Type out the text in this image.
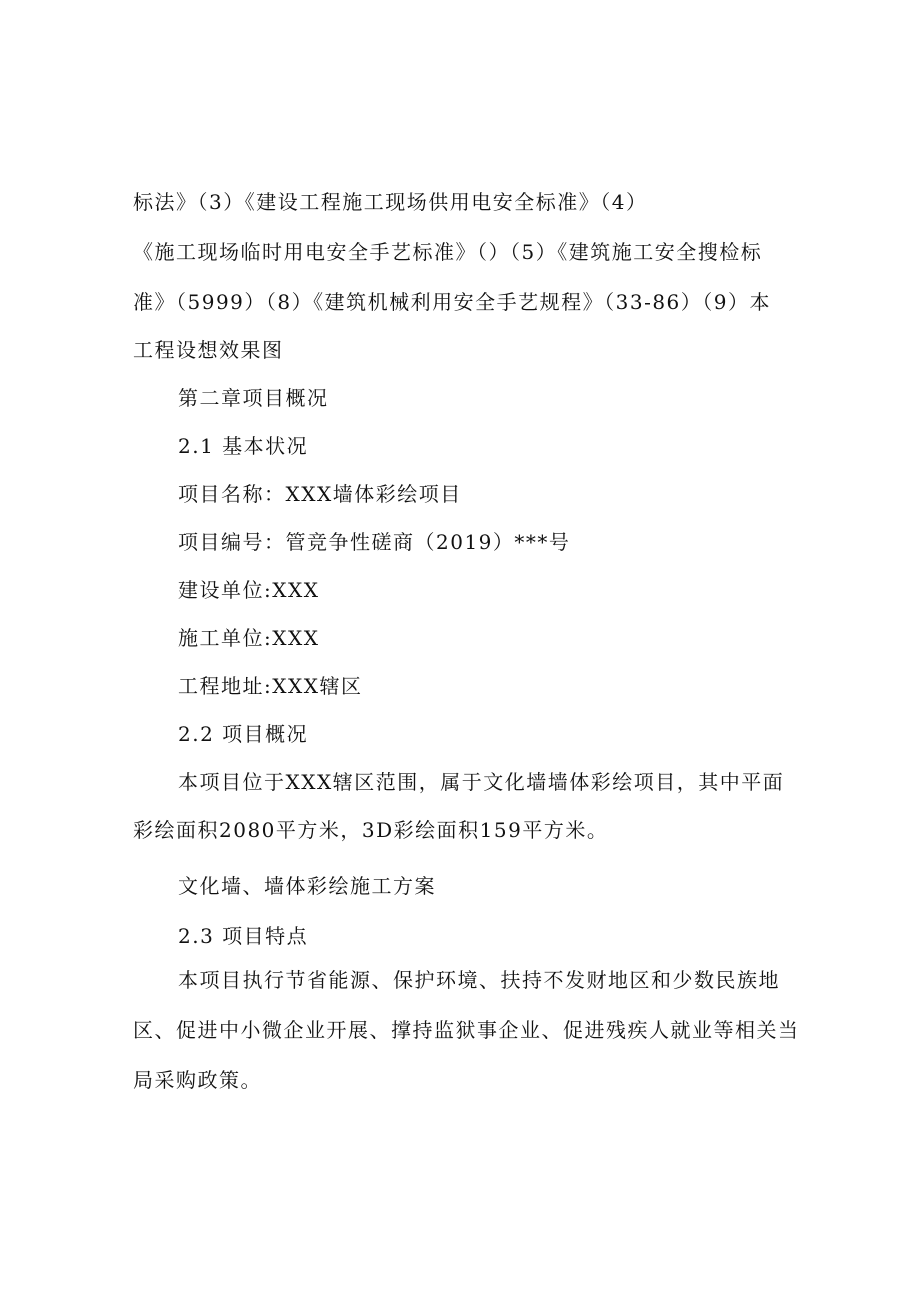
标法》（3）《建设工程施工现场供用电安全标准》（4）
《施工现场临时用电安全手艺标准》（）（5）《建筑施工安全搜检标
准》（5999）（8）《建筑机械利用安全手艺规程》（33-86）（9）本
工程设想效果图
第二章项目概况
2.1 基本状况
项目名称：XXX墙体彩绘项目
项目编号：管竞争性磋商（2019）***号
建设单位:XXX
施工单位:XXX
工程地址:XXX辖区
2.2 项目概况
本项目位于XXX辖区范围，属于文化墙墙体彩绘项目，其中平面
彩绘面积2080平方米，3D彩绘面积159平方米。
文化墙、墙体彩绘施工方案
2.3 项目特点
本项目执行节省能源、保护环境、扶持不发财地区和少数民族地
区、促进中小微企业开展、撑持监狱事企业、促进残疾人就业等相关当
局采购政策。
